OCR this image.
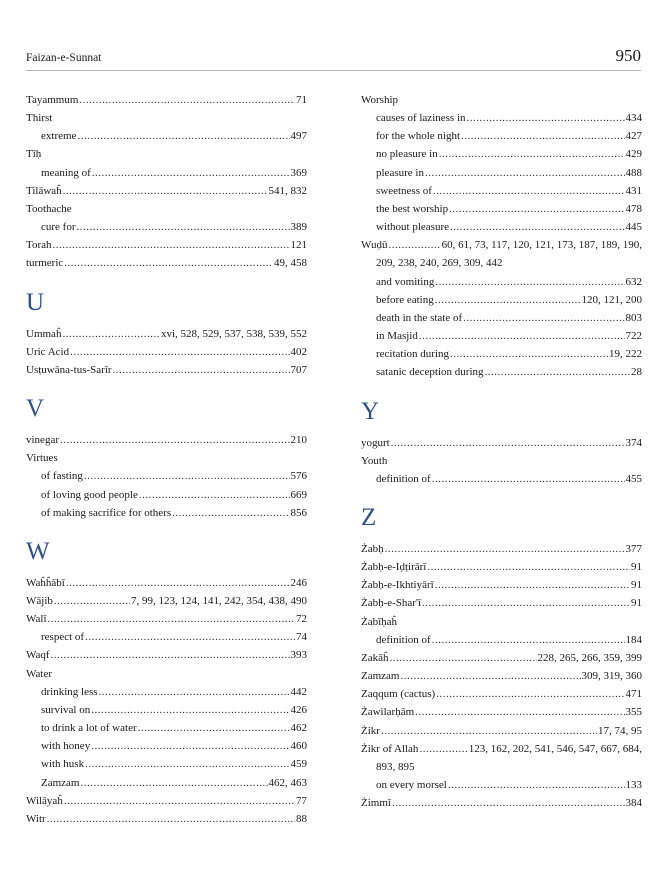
Faizan-e-Sunnat	950
Tayammum .....	71
Thirst
extreme .....	497
Tīḥ
meaning of .....	369
Tilāwaĥ .....	541, 832
Toothache
cure for .....	389
Torah .....	121
turmeric .....	49, 458
U
Ummaĥ .....	xvi, 528, 529, 537, 538, 539, 552
Uric Acid .....	402
Usṭuwāna-tus-Sarīr .....	707
V
vinegar .....	210
Virtues
of fasting .....	576
of loving good people .....	669
of making sacrifice for others .....	856
W
Waĥĥābī .....	246
Wājib .....	7, 99, 123, 124, 141, 242, 354, 438, 490
Walī .....	72
respect of .....	74
Waqf .....	393
Water
drinking less .....	442
survival on .....	426
to drink a lot of water .....	462
with honey .....	460
with husk .....	459
Zamzam .....	462, 463
Wilāyaĥ .....	77
Witr .....	88
Worship
causes of laziness in .....	434
for the whole night .....	427
no pleasure in .....	429
pleasure in .....	488
sweetness of .....	431
the best worship .....	478
without pleasure .....	445
Wuḍū .....	60, 61, 73, 117, 120, 121, 173, 187, 189, 190,
209, 238, 240, 269, 309, 442
and vomiting .....	632
before eating .....	120, 121, 200
death in the state of .....	803
in Masjid .....	722
recitation during .....	19, 222
satanic deception during .....	28
Y
yogurt .....	374
Youth
definition of .....	455
Z
Żabḥ .....	377
Żabḥ-e-Iḍṭirārī .....	91
Żabḥ-e-Ikhtiyārī .....	91
Żabḥ-e-Shar'ī .....	91
Żabīḥaĥ
definition of .....	184
Zakāĥ .....	228, 265, 266, 359, 399
Zamzam .....	309, 319, 360
Zaqqum (cactus) .....	471
Żawilarḥām .....	355
Żikr .....	17, 74, 95
Żikr of Allah .....	123, 162, 202, 541, 546, 547, 667, 684,
893, 895
on every morsel .....	133
Żimmī .....	384
